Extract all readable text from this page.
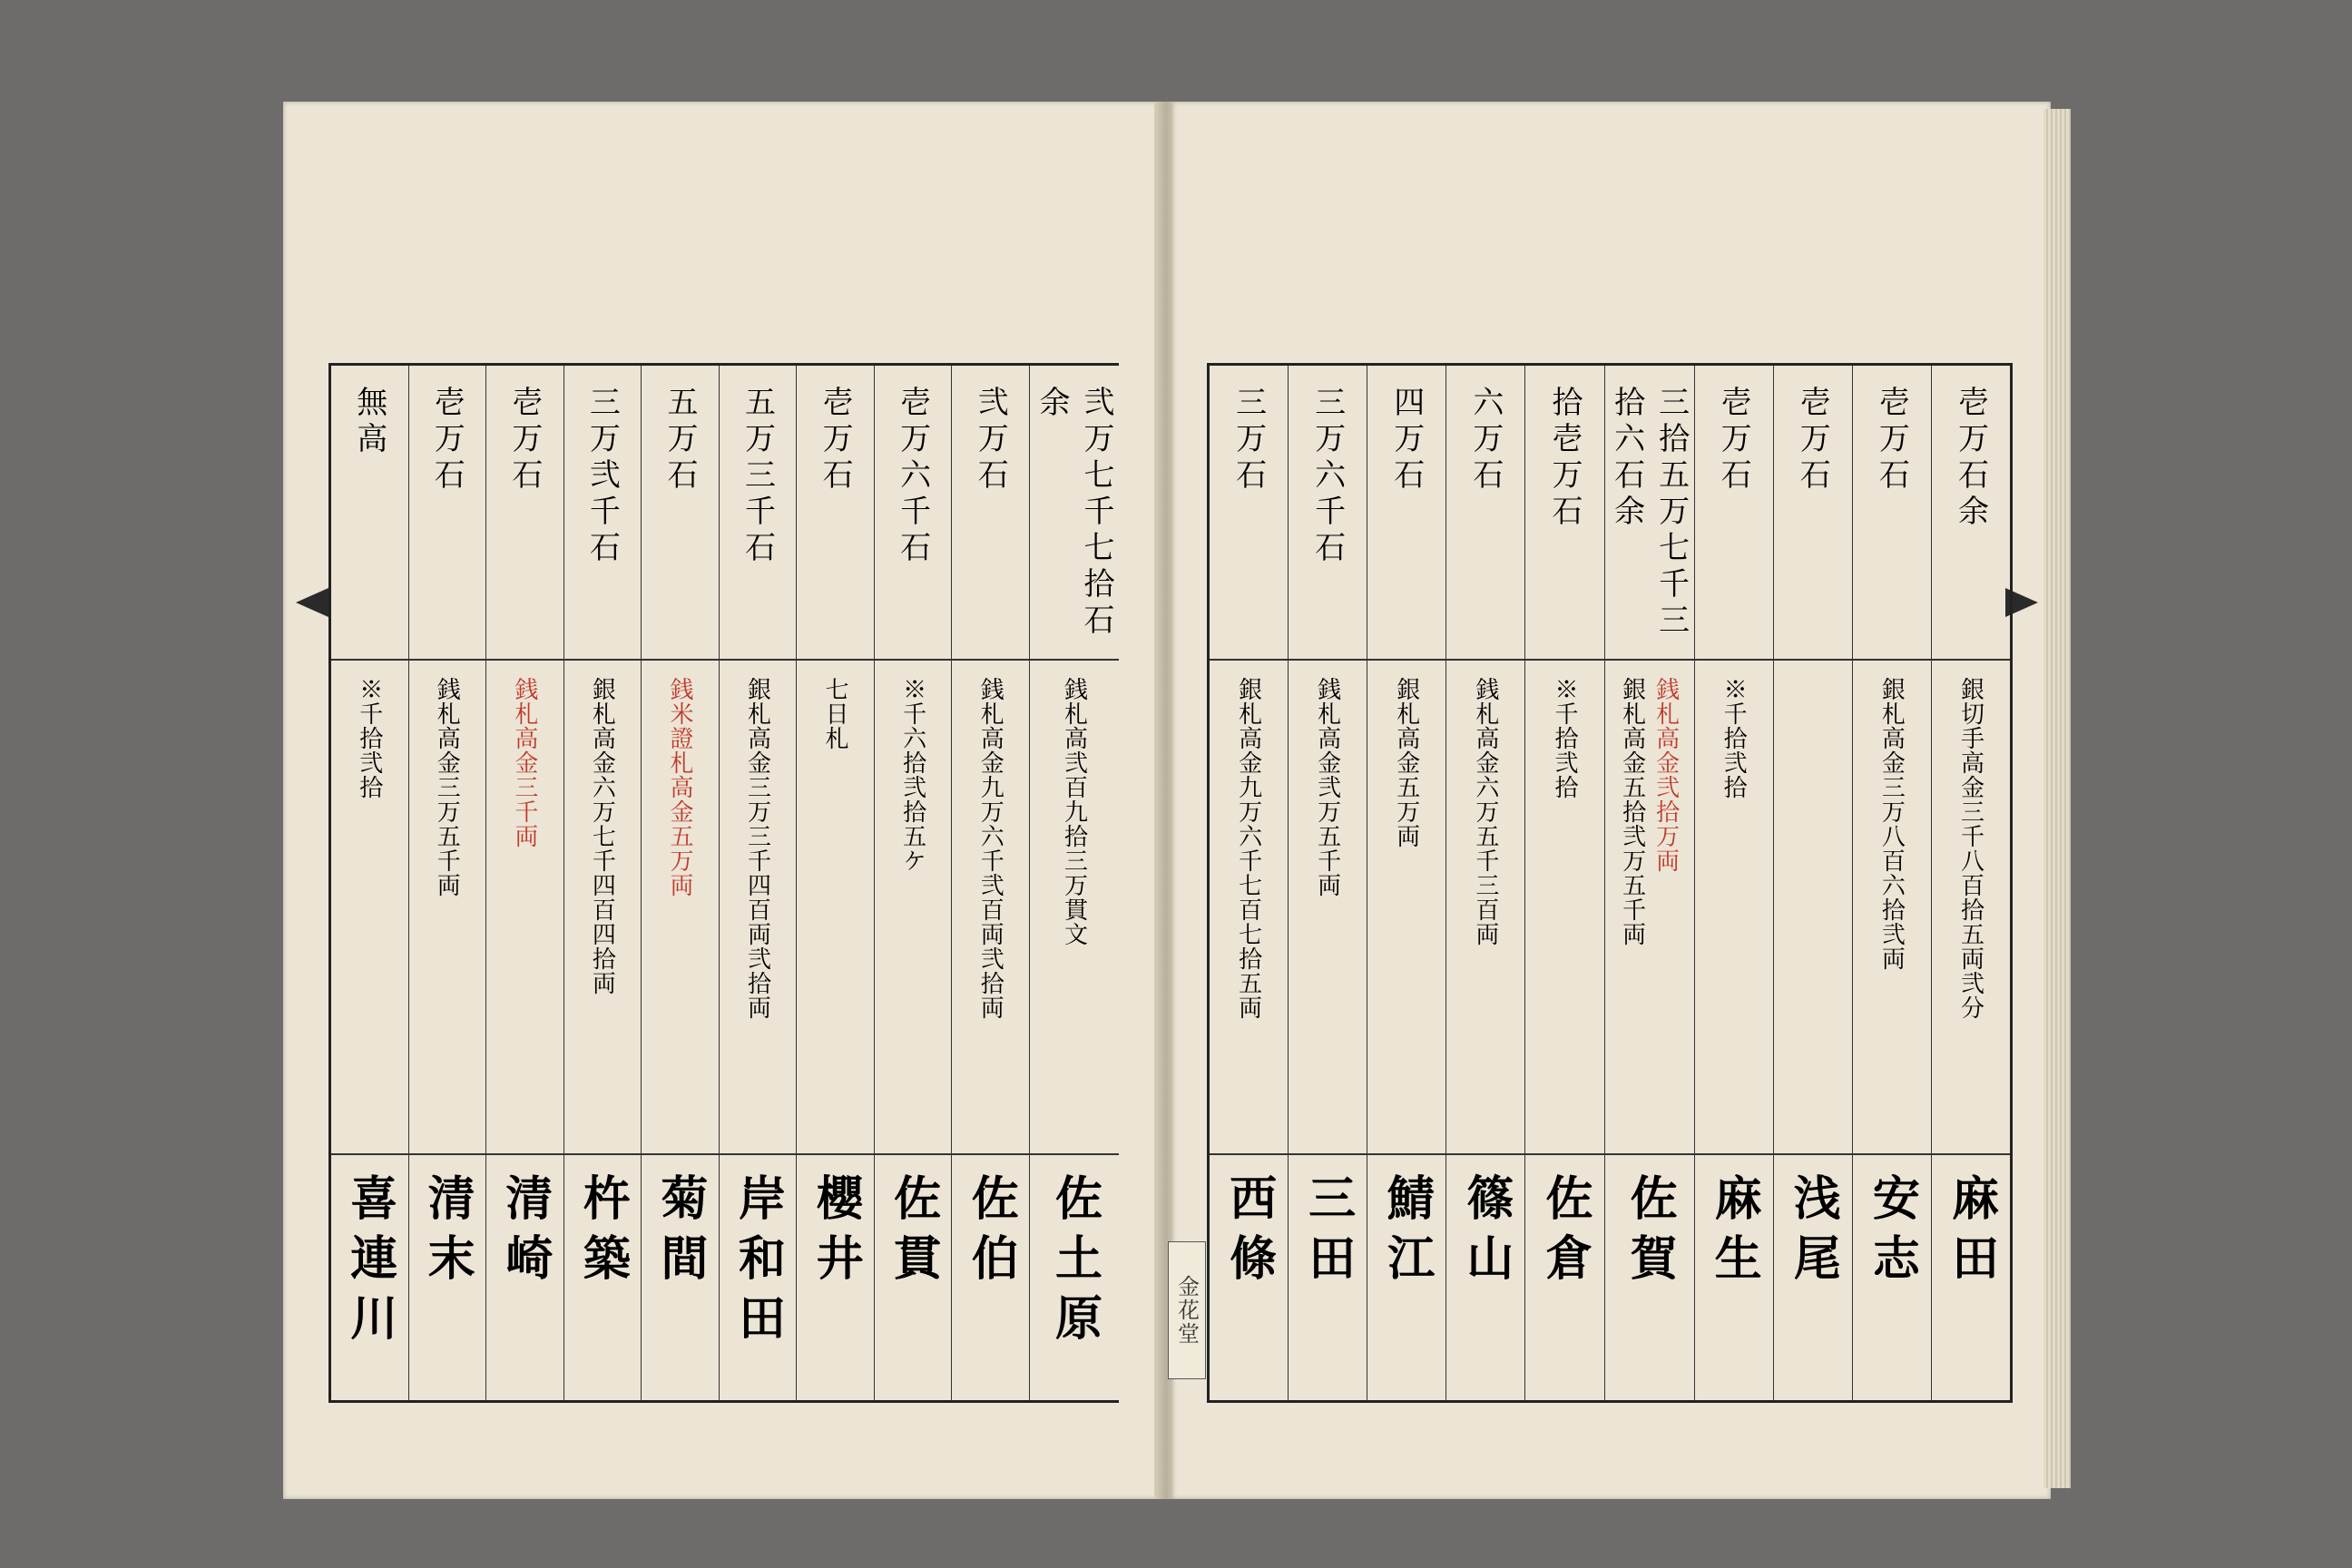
弐万七千七拾石余
銭札高弐百九拾三万貫文
佐土原
弐万石
銭札高金九万六千弐百両弐拾両
佐伯
壱万六千石
※千六拾弐拾五ケ
佐貫
壱万石
七日札
櫻井
五万三千石
銀札高金三万三千四百両弐拾両
岸和田
五万石
銭米證札高金五万両
菊間
三万弐千石
銀札高金六万七千四百四拾両
杵築
壱万石
銭札高金三千両
清崎
壱万石
銭札高金三万五千両
清末
無高
※千拾弐拾
喜連川
壱万石余
銀切手高金三千八百拾五両弐分
麻田
壱万石
銀札高金三万八百六拾弐両
安志
壱万石
浅尾
壱万石
※千拾弐拾
麻生
三拾五万七千三拾六石余
銀札高金五拾弐万五千両 銭札高金弐拾万両
佐賀
拾壱万石
※千拾弐拾
佐倉
六万石
銭札高金六万五千三百両
篠山
四万石
銀札高金五万両
鯖江
三万六千石
銭札高金弐万五千両
三田
三万石
銀札高金九万六千七百七拾五両
西條
金花堂
